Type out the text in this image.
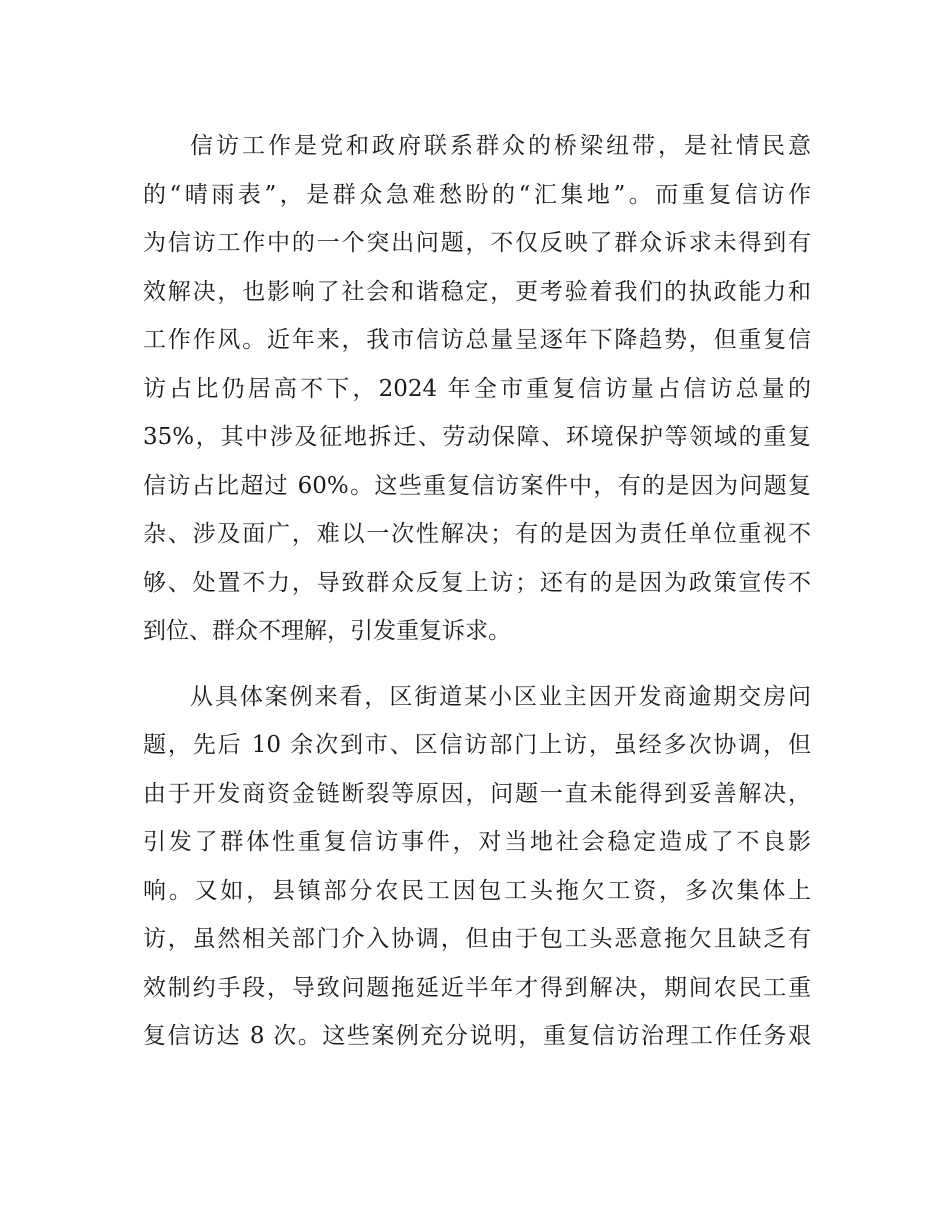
信访工作是党和政府联系群众的桥梁纽带，是社情民意
的“晴雨表”，是群众急难愁盼的“汇集地”。而重复信访作
为信访工作中的一个突出问题，不仅反映了群众诉求未得到有
效解决，也影响了社会和谐稳定，更考验着我们的执政能力和
工作作风。近年来，我市信访总量呈逐年下降趋势，但重复信
访占比仍居高不下，2024 年全市重复信访量占信访总量的
35%，其中涉及征地拆迁、劳动保障、环境保护等领域的重复
信访占比超过 60%。这些重复信访案件中，有的是因为问题复
杂、涉及面广，难以一次性解决；有的是因为责任单位重视不
够、处置不力，导致群众反复上访；还有的是因为政策宣传不
到位、群众不理解，引发重复诉求。
从具体案例来看，区街道某小区业主因开发商逾期交房问
题，先后 10 余次到市、区信访部门上访，虽经多次协调，但
由于开发商资金链断裂等原因，问题一直未能得到妥善解决，
引发了群体性重复信访事件，对当地社会稳定造成了不良影
响。又如，县镇部分农民工因包工头拖欠工资，多次集体上
访，虽然相关部门介入协调，但由于包工头恶意拖欠且缺乏有
效制约手段，导致问题拖延近半年才得到解决，期间农民工重
复信访达 8 次。这些案例充分说明，重复信访治理工作任务艰
